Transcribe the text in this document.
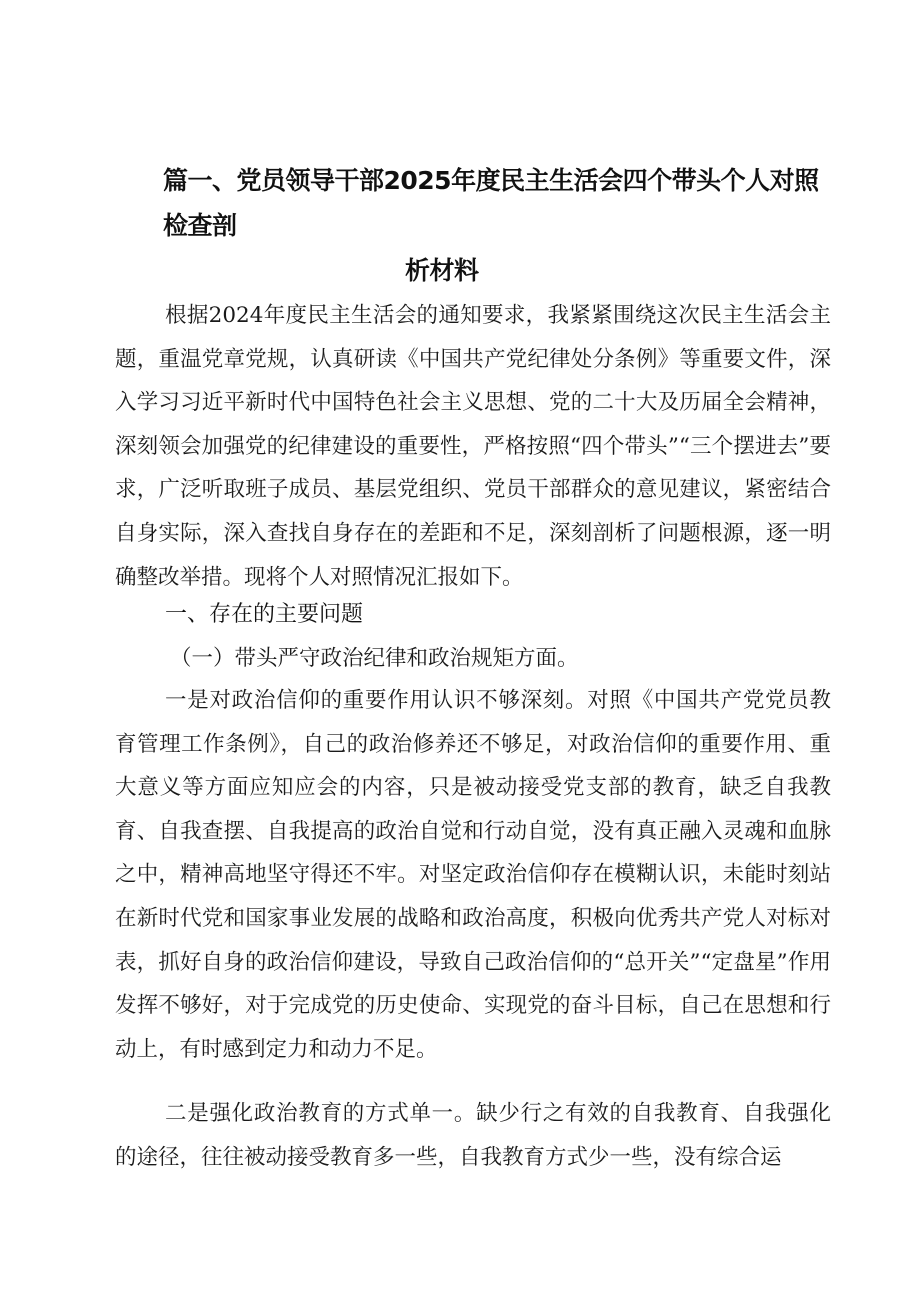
篇一、党员领导干部2025年度民主生活会四个带头个人对照检查剖
析材料

根据2024年度民主生活会的通知要求，我紧紧围绕这次民主生活会主题，重温党章党规，认真研读《中国共产党纪律处分条例》等重要文件，深入学习习近平新时代中国特色社会主义思想、党的二十大及历届全会精神，深刻领会加强党的纪律建设的重要性，严格按照“四个带头”“三个摆进去”要求，广泛听取班子成员、基层党组织、党员干部群众的意见建议，紧密结合自身实际，深入查找自身存在的差距和不足，深刻剖析了问题根源，逐一明确整改举措。现将个人对照情况汇报如下。

一、存在的主要问题
（一）带头严守政治纪律和政治规矩方面。

一是对政治信仰的重要作用认识不够深刻。对照《中国共产党党员教育管理工作条例》，自己的政治修养还不够足，对政治信仰的重要作用、重大意义等方面应知应会的内容，只是被动接受党支部的教育，缺乏自我教育、自我查摆、自我提高的政治自觉和行动自觉，没有真正融入灵魂和血脉之中，精神高地坚守得还不牢。对坚定政治信仰存在模糊认识，未能时刻站在新时代党和国家事业发展的战略和政治高度，积极向优秀共产党人对标对表，抓好自身的政治信仰建设，导致自己政治信仰的“总开关”“定盘星”作用发挥不够好，对于完成党的历史使命、实现党的奋斗目标，自己在思想和行动上，有时感到定力和动力不足。

二是强化政治教育的方式单一。缺少行之有效的自我教育、自我强化的途径，往往被动接受教育多一些，自我教育方式少一些，没有综合运
